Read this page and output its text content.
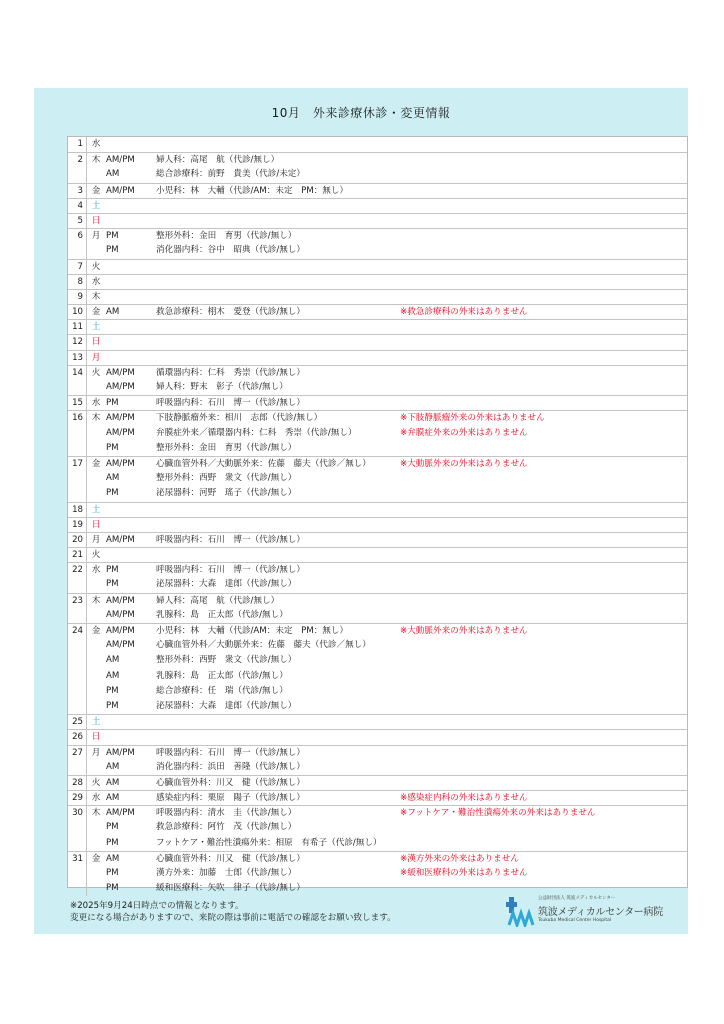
10月　外来診療休診・変更情報
1	水
2	木 AM/PM	婦人科：高尾　航（代診/無し）
AM	総合診療科：前野　貴美（代診/未定）
3	金 AM/PM	小児科：林　大輔（代診/AM：未定　PM：無し）
4	土
5	日
6	月 PM	整形外科：金田　育男（代診/無し）
PM	消化器内科：谷中　昭典（代診/無し）
7	火
8	水
9	木
10	金 AM	救急診療科：栩木　愛登（代診/無し）	※救急診療科の外来はありません
11	土
12	日
13	月
14	火 AM/PM	循環器内科：仁科　秀崇（代診/無し）
AM/PM	婦人科：野末　彰子（代診/無し）
15	水 PM	呼吸器内科：石川　博一（代診/無し）
16	木 AM/PM	下肢静脈瘤外来：相川　志郎（代診/無し）	※下肢静脈瘤外来の外来はありません
AM/PM	弁膜症外来／循環器内科：仁科　秀崇（代診/無し）	※弁膜症外来の外来はありません
PM	整形外科：金田　育男（代診/無し）
17	金 AM/PM	心臓血管外科／大動脈外来：佐藤　藤夫（代診／無し）	※大動脈外来の外来はありません
AM	整形外科：西野　衆文（代診/無し）
PM	泌尿器科：河野　瑤子（代診/無し）
18	土
19	日
20	月 AM/PM	呼吸器内科：石川　博一（代診/無し）
21	火
22	水 PM	呼吸器内科：石川　博一（代診/無し）
PM	泌尿器科：大森　達郎（代診/無し）
23	木 AM/PM	婦人科：高尾　航（代診/無し）
AM/PM	乳腺科：島　正太郎（代診/無し）
24	金 AM/PM	小児科：林　大輔（代診/AM：未定　PM：無し）	※大動脈外来の外来はありません
AM/PM	心臓血管外科／大動脈外来：佐藤　藤夫（代診／無し）
AM	整形外科：西野　衆文（代診/無し）
AM	乳腺科：島　正太郎（代診/無し）
PM	総合診療科：任　瑞（代診/無し）
PM	泌尿器科：大森　達郎（代診/無し）
25	土
26	日
27	月 AM/PM	呼吸器内科：石川　博一（代診/無し）
AM	消化器内科：浜田　善隆（代診/無し）
28	火 AM	心臓血管外科：川又　健（代診/無し）
29	水 AM	感染症内科：栗原　陽子（代診/無し）	※感染症内科の外来はありません
30	木 AM/PM	呼吸器内科：清水　圭（代診/無し）	※フットケア・難治性潰瘍外来の外来はありません
PM	救急診療科：阿竹　茂（代診/無し）
PM	フットケア・難治性潰瘍外来：相原　有希子（代診/無し）
31	金 AM	心臓血管外科：川又　健（代診/無し）	※漢方外来の外来はありません
PM	漢方外来：加藤　士郎（代診/無し）	※緩和医療科の外来はありません
PM	緩和医療科：矢吹　律子（代診/無し）
※2025年9月24日時点での情報となります。
変更になる場合がありますので、来院の際は事前に電話での確認をお願い致します。
公益財団法人 筑波メディカルセンター
筑波メディカルセンター病院
Tsukuba Medical Center Hospital
